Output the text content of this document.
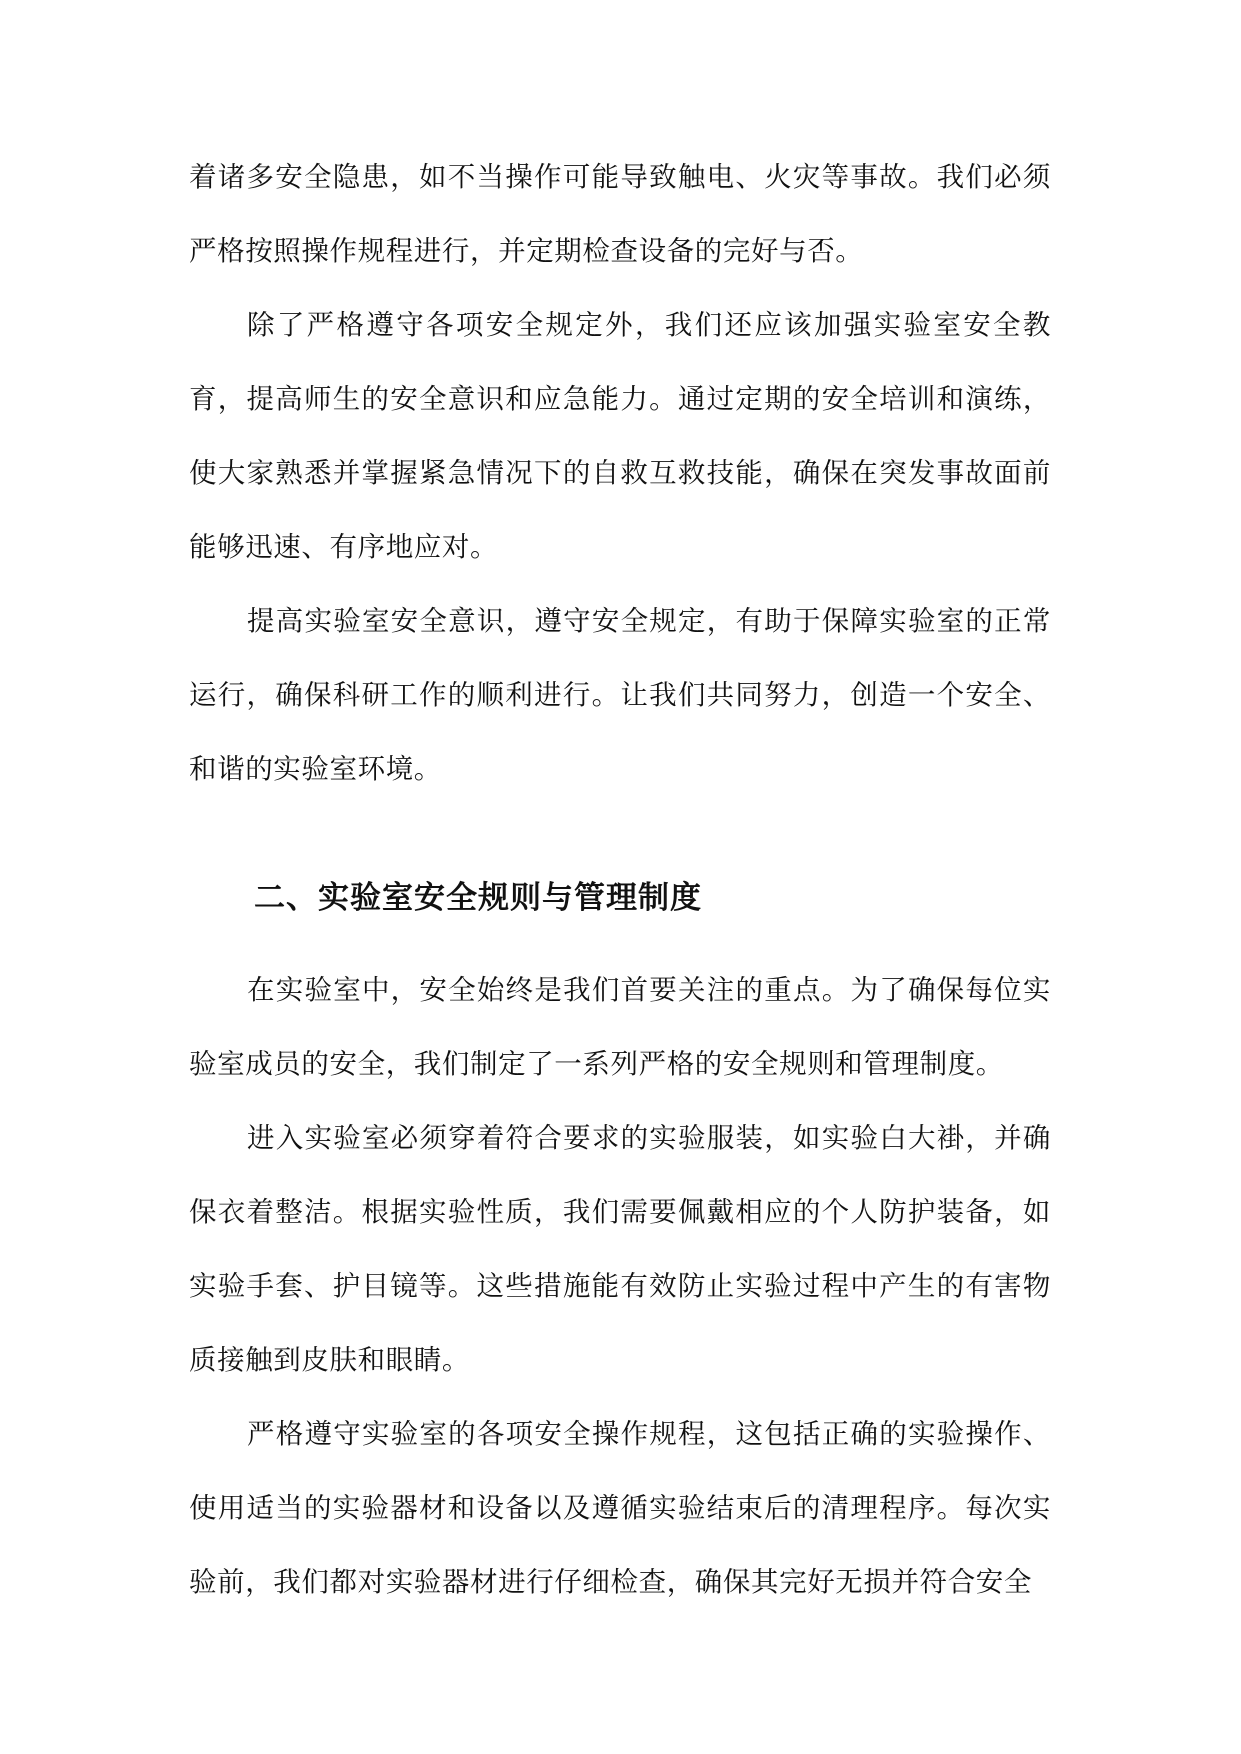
着诸多安全隐患，如不当操作可能导致触电、火灾等事故。我们必须严格按照操作规程进行，并定期检查设备的完好与否。

除了严格遵守各项安全规定外，我们还应该加强实验室安全教育，提高师生的安全意识和应急能力。通过定期的安全培训和演练，使大家熟悉并掌握紧急情况下的自救互救技能，确保在突发事故面前能够迅速、有序地应对。

提高实验室安全意识，遵守安全规定，有助于保障实验室的正常运行，确保科研工作的顺利进行。让我们共同努力，创造一个安全、和谐的实验室环境。

二、实验室安全规则与管理制度

在实验室中，安全始终是我们首要关注的重点。为了确保每位实验室成员的安全，我们制定了一系列严格的安全规则和管理制度。

进入实验室必须穿着符合要求的实验服装，如实验白大褂，并确保衣着整洁。根据实验性质，我们需要佩戴相应的个人防护装备，如实验手套、护目镜等。这些措施能有效防止实验过程中产生的有害物质接触到皮肤和眼睛。

严格遵守实验室的各项安全操作规程，这包括正确的实验操作、使用适当的实验器材和设备以及遵循实验结束后的清理程序。每次实验前，我们都对实验器材进行仔细检查，确保其完好无损并符合安全
